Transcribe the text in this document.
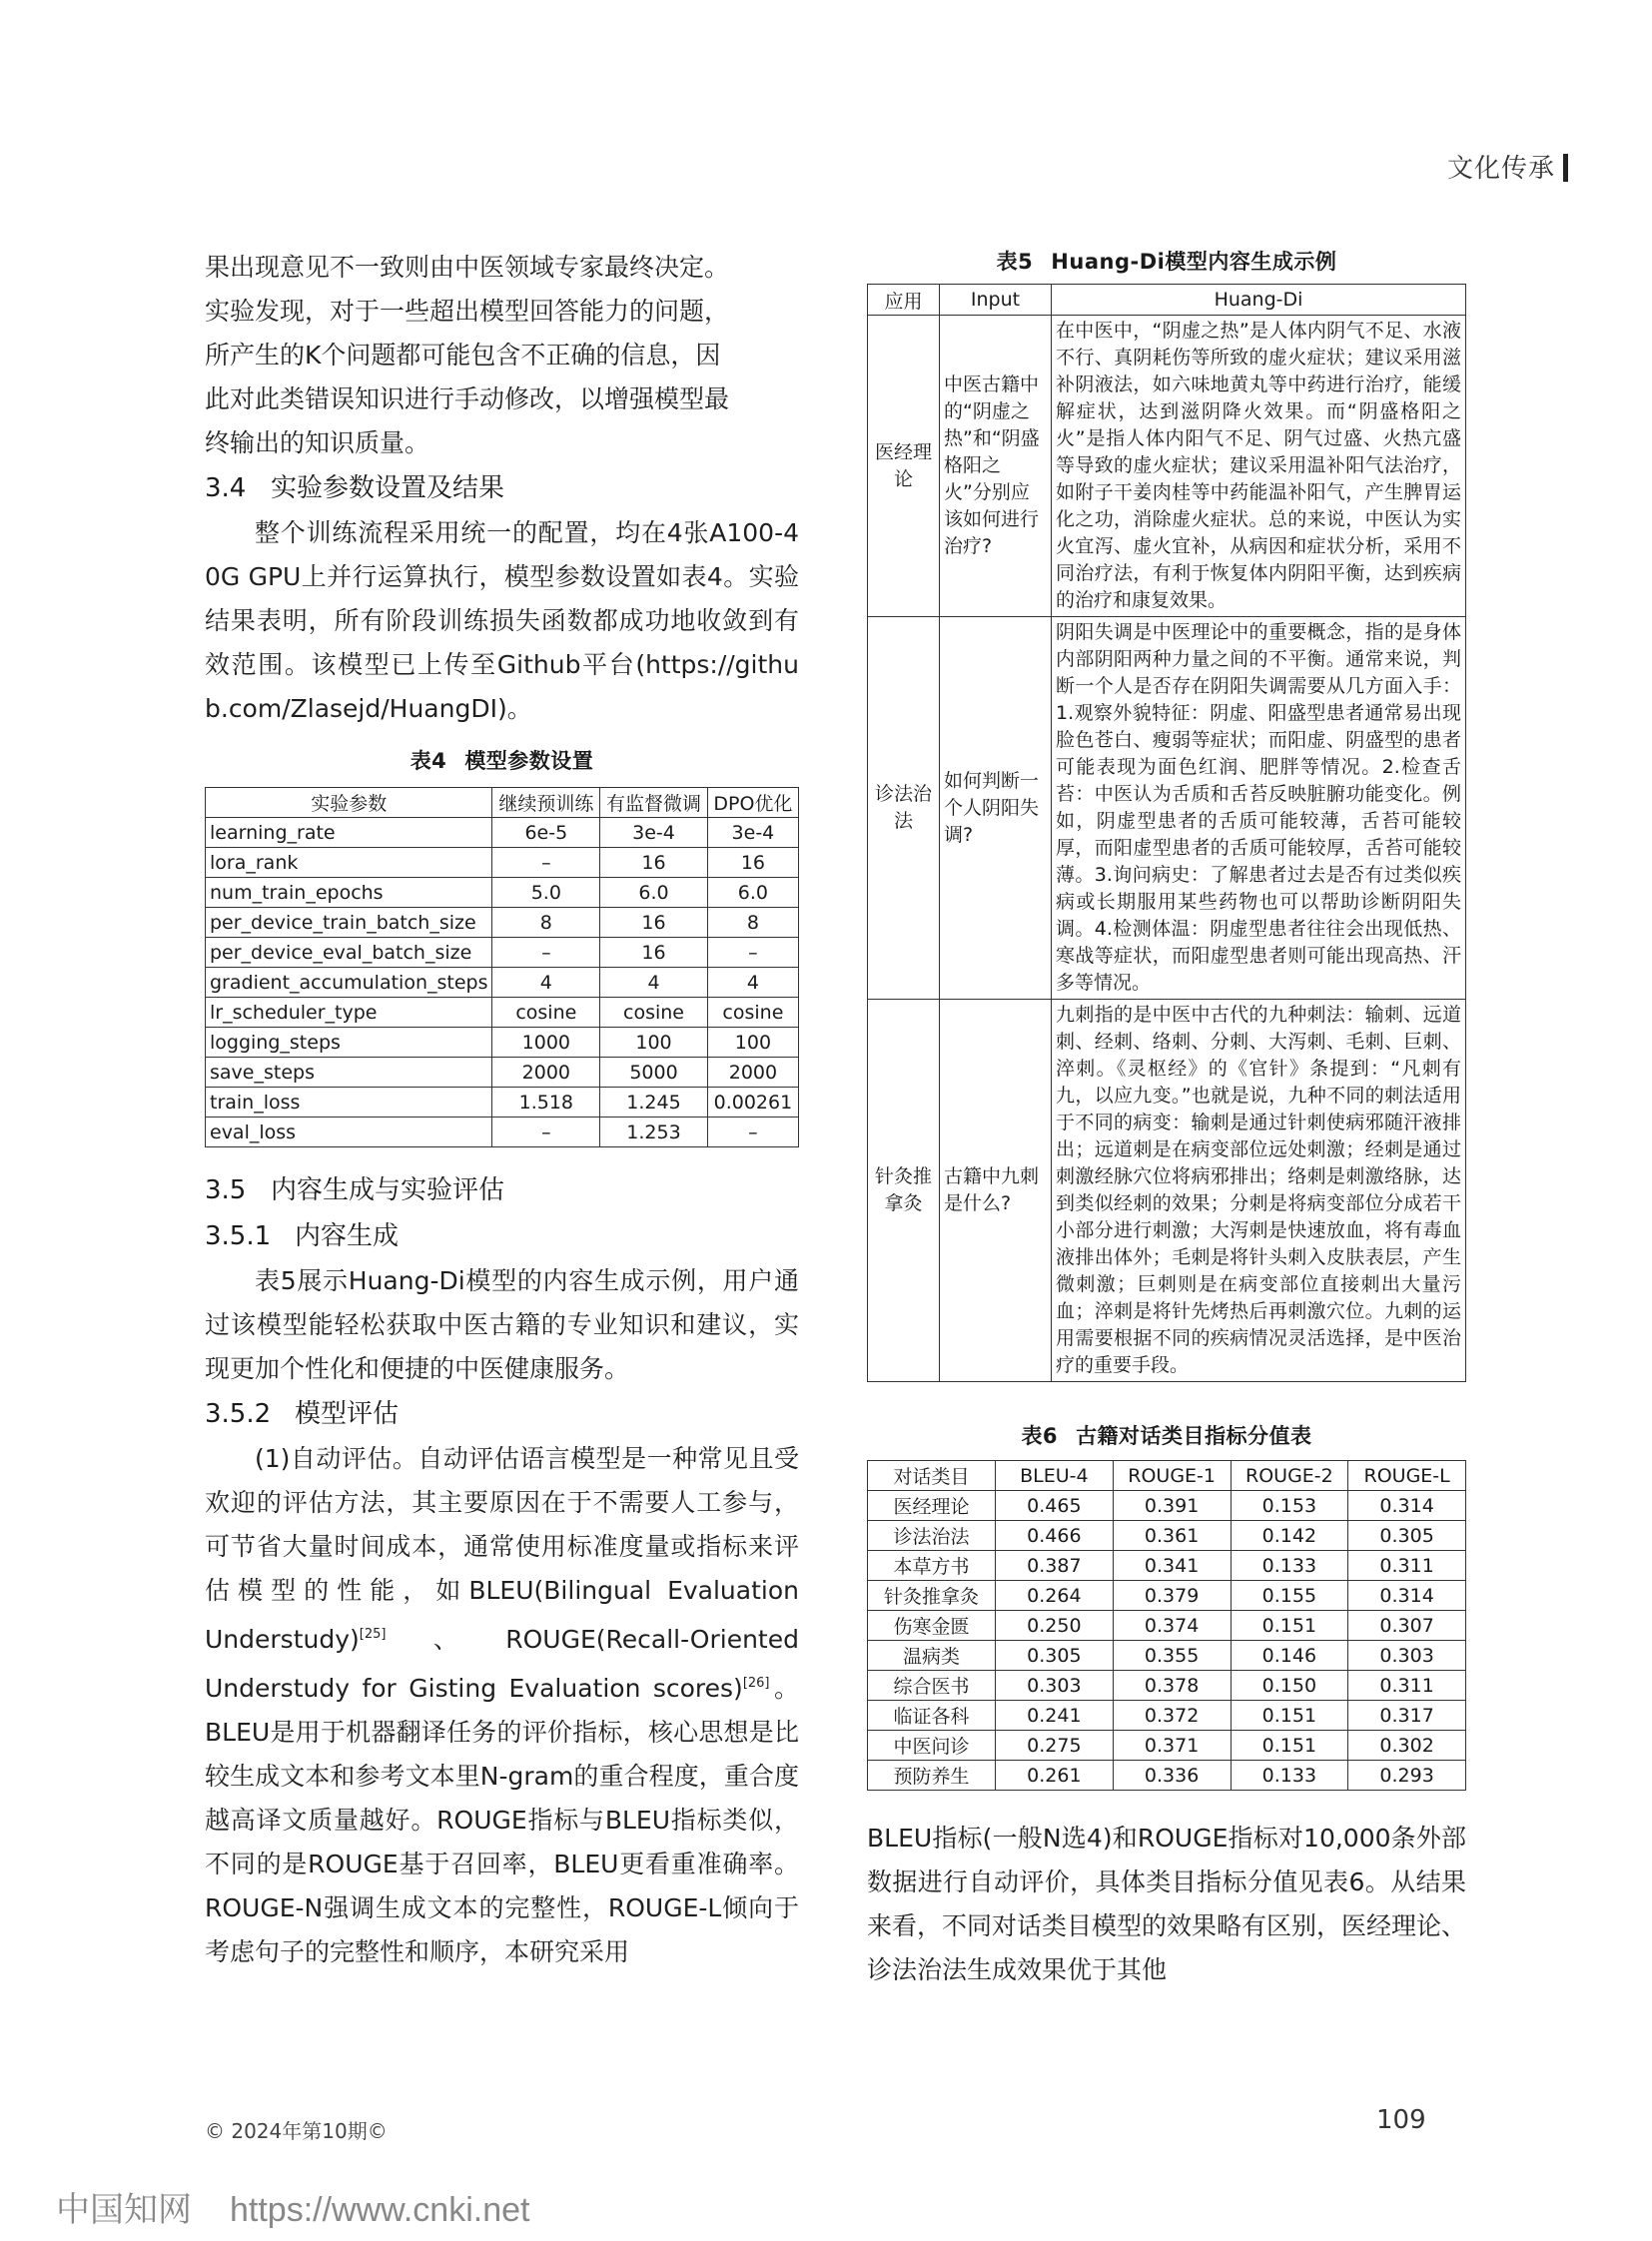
文化传承

果出现意见不一致则由中医领域专家最终决定。

实验发现，对于一些超出模型回答能力的问题，

所产生的K个问题都可能包含不正确的信息，因

此对此类错误知识进行手动修改，以增强模型最

终输出的知识质量。

3.4 实验参数设置及结果

整个训练流程采用统一的配置，均在4张A100-40G GPU上并行运算执行，模型参数设置如表4。实验结果表明，所有阶段训练损失函数都成功地收敛到有效范围。该模型已上传至Github平台(https://github.com/Zlasejd/HuangDI)。

表4 模型参数设置

实验参数	继续预训练	有监督微调	DPO优化
learning_rate	6e-5	3e-4	3e-4
lora_rank	–	16	16
num_train_epochs	5.0	6.0	6.0
per_device_train_batch_size	8	16	8
per_device_eval_batch_size	–	16	–
gradient_accumulation_steps	4	4	4
lr_scheduler_type	cosine	cosine	cosine
logging_steps	1000	100	100
save_steps	2000	5000	2000
train_loss	1.518	1.245	0.00261
eval_loss	–	1.253	–

3.5 内容生成与实验评估

3.5.1 内容生成

表5展示Huang-Di模型的内容生成示例，用户通过该模型能轻松获取中医古籍的专业知识和建议，实现更加个性化和便捷的中医健康服务。

3.5.2 模型评估

(1)自动评估。自动评估语言模型是一种常见且受欢迎的评估方法，其主要原因在于不需要人工参与，可节省大量时间成本，通常使用标准度量或指标来评估模型的性能，如BLEU(Bilingual Evaluation Understudy)[25]、ROUGE(Recall-Oriented Understudy for Gisting Evaluation scores)[26]。BLEU是用于机器翻译任务的评价指标，核心思想是比较生成文本和参考文本里N-gram的重合程度，重合度越高译文质量越好。ROUGE指标与BLEU指标类似，不同的是ROUGE基于召回率，BLEU更看重准确率。ROUGE-N强调生成文本的完整性，ROUGE-L倾向于考虑句子的完整性和顺序，本研究采用

表5 Huang-Di模型内容生成示例

应用	Input	Huang-Di
医经理论	中医古籍中的“阴虚之热”和“阴盛格阳之火”分别应该如何进行治疗?	在中医中，“阴虚之热”是人体内阴气不足、水液不行、真阴耗伤等所致的虚火症状；建议采用滋补阴液法，如六味地黄丸等中药进行治疗，能缓解症状，达到滋阴降火效果。而“阴盛格阳之火”是指人体内阳气不足、阴气过盛、火热亢盛等导致的虚火症状；建议采用温补阳气法治疗，如附子干姜肉桂等中药能温补阳气，产生脾胃运化之功，消除虚火症状。总的来说，中医认为实火宜泻、虚火宜补，从病因和症状分析，采用不同治疗法，有利于恢复体内阴阳平衡，达到疾病的治疗和康复效果。
诊法治法	如何判断一个人阴阳失调?	阴阳失调是中医理论中的重要概念，指的是身体内部阴阳两种力量之间的不平衡。通常来说，判断一个人是否存在阴阳失调需要从几方面入手：1.观察外貌特征：阴虚、阳盛型患者通常易出现脸色苍白、瘦弱等症状；而阳虚、阴盛型的患者可能表现为面色红润、肥胖等情况。2.检查舌苔：中医认为舌质和舌苔反映脏腑功能变化。例如，阴虚型患者的舌质可能较薄，舌苔可能较厚，而阳虚型患者的舌质可能较厚，舌苔可能较薄。3.询问病史：了解患者过去是否有过类似疾病或长期服用某些药物也可以帮助诊断阴阳失调。4.检测体温：阴虚型患者往往会出现低热、寒战等症状，而阳虚型患者则可能出现高热、汗多等情况。
针灸推拿灸	古籍中九刺是什么?	九刺指的是中医中古代的九种刺法：输刺、远道刺、经刺、络刺、分刺、大泻刺、毛刺、巨刺、淬刺。《灵枢经》的《官针》条提到：“凡刺有九，以应九变。”也就是说，九种不同的刺法适用于不同的病变：输刺是通过针刺使病邪随汗液排出；远道刺是在病变部位远处刺激；经刺是通过刺激经脉穴位将病邪排出；络刺是刺激络脉，达到类似经刺的效果；分刺是将病变部位分成若干小部分进行刺激；大泻刺是快速放血，将有毒血液排出体外；毛刺是将针头刺入皮肤表层，产生微刺激；巨刺则是在病变部位直接刺出大量污血；淬刺是将针先烤热后再刺激穴位。九刺的运用需要根据不同的疾病情况灵活选择，是中医治疗的重要手段。

表6 古籍对话类目指标分值表

对话类目	BLEU-4	ROUGE-1	ROUGE-2	ROUGE-L
医经理论	0.465	0.391	0.153	0.314
诊法治法	0.466	0.361	0.142	0.305
本草方书	0.387	0.341	0.133	0.311
针灸推拿灸	0.264	0.379	0.155	0.314
伤寒金匮	0.250	0.374	0.151	0.307
温病类	0.305	0.355	0.146	0.303
综合医书	0.303	0.378	0.150	0.311
临证各科	0.241	0.372	0.151	0.317
中医问诊	0.275	0.371	0.151	0.302
预防养生	0.261	0.336	0.133	0.293

BLEU指标(一般N选4)和ROUGE指标对10,000条外部数据进行自动评价，具体类目指标分值见表6。从结果来看，不同对话类目模型的效果略有区别，医经理论、诊法治法生成效果优于其他

© 2024年第10期©	109
中国知网 https://www.cnki.net
